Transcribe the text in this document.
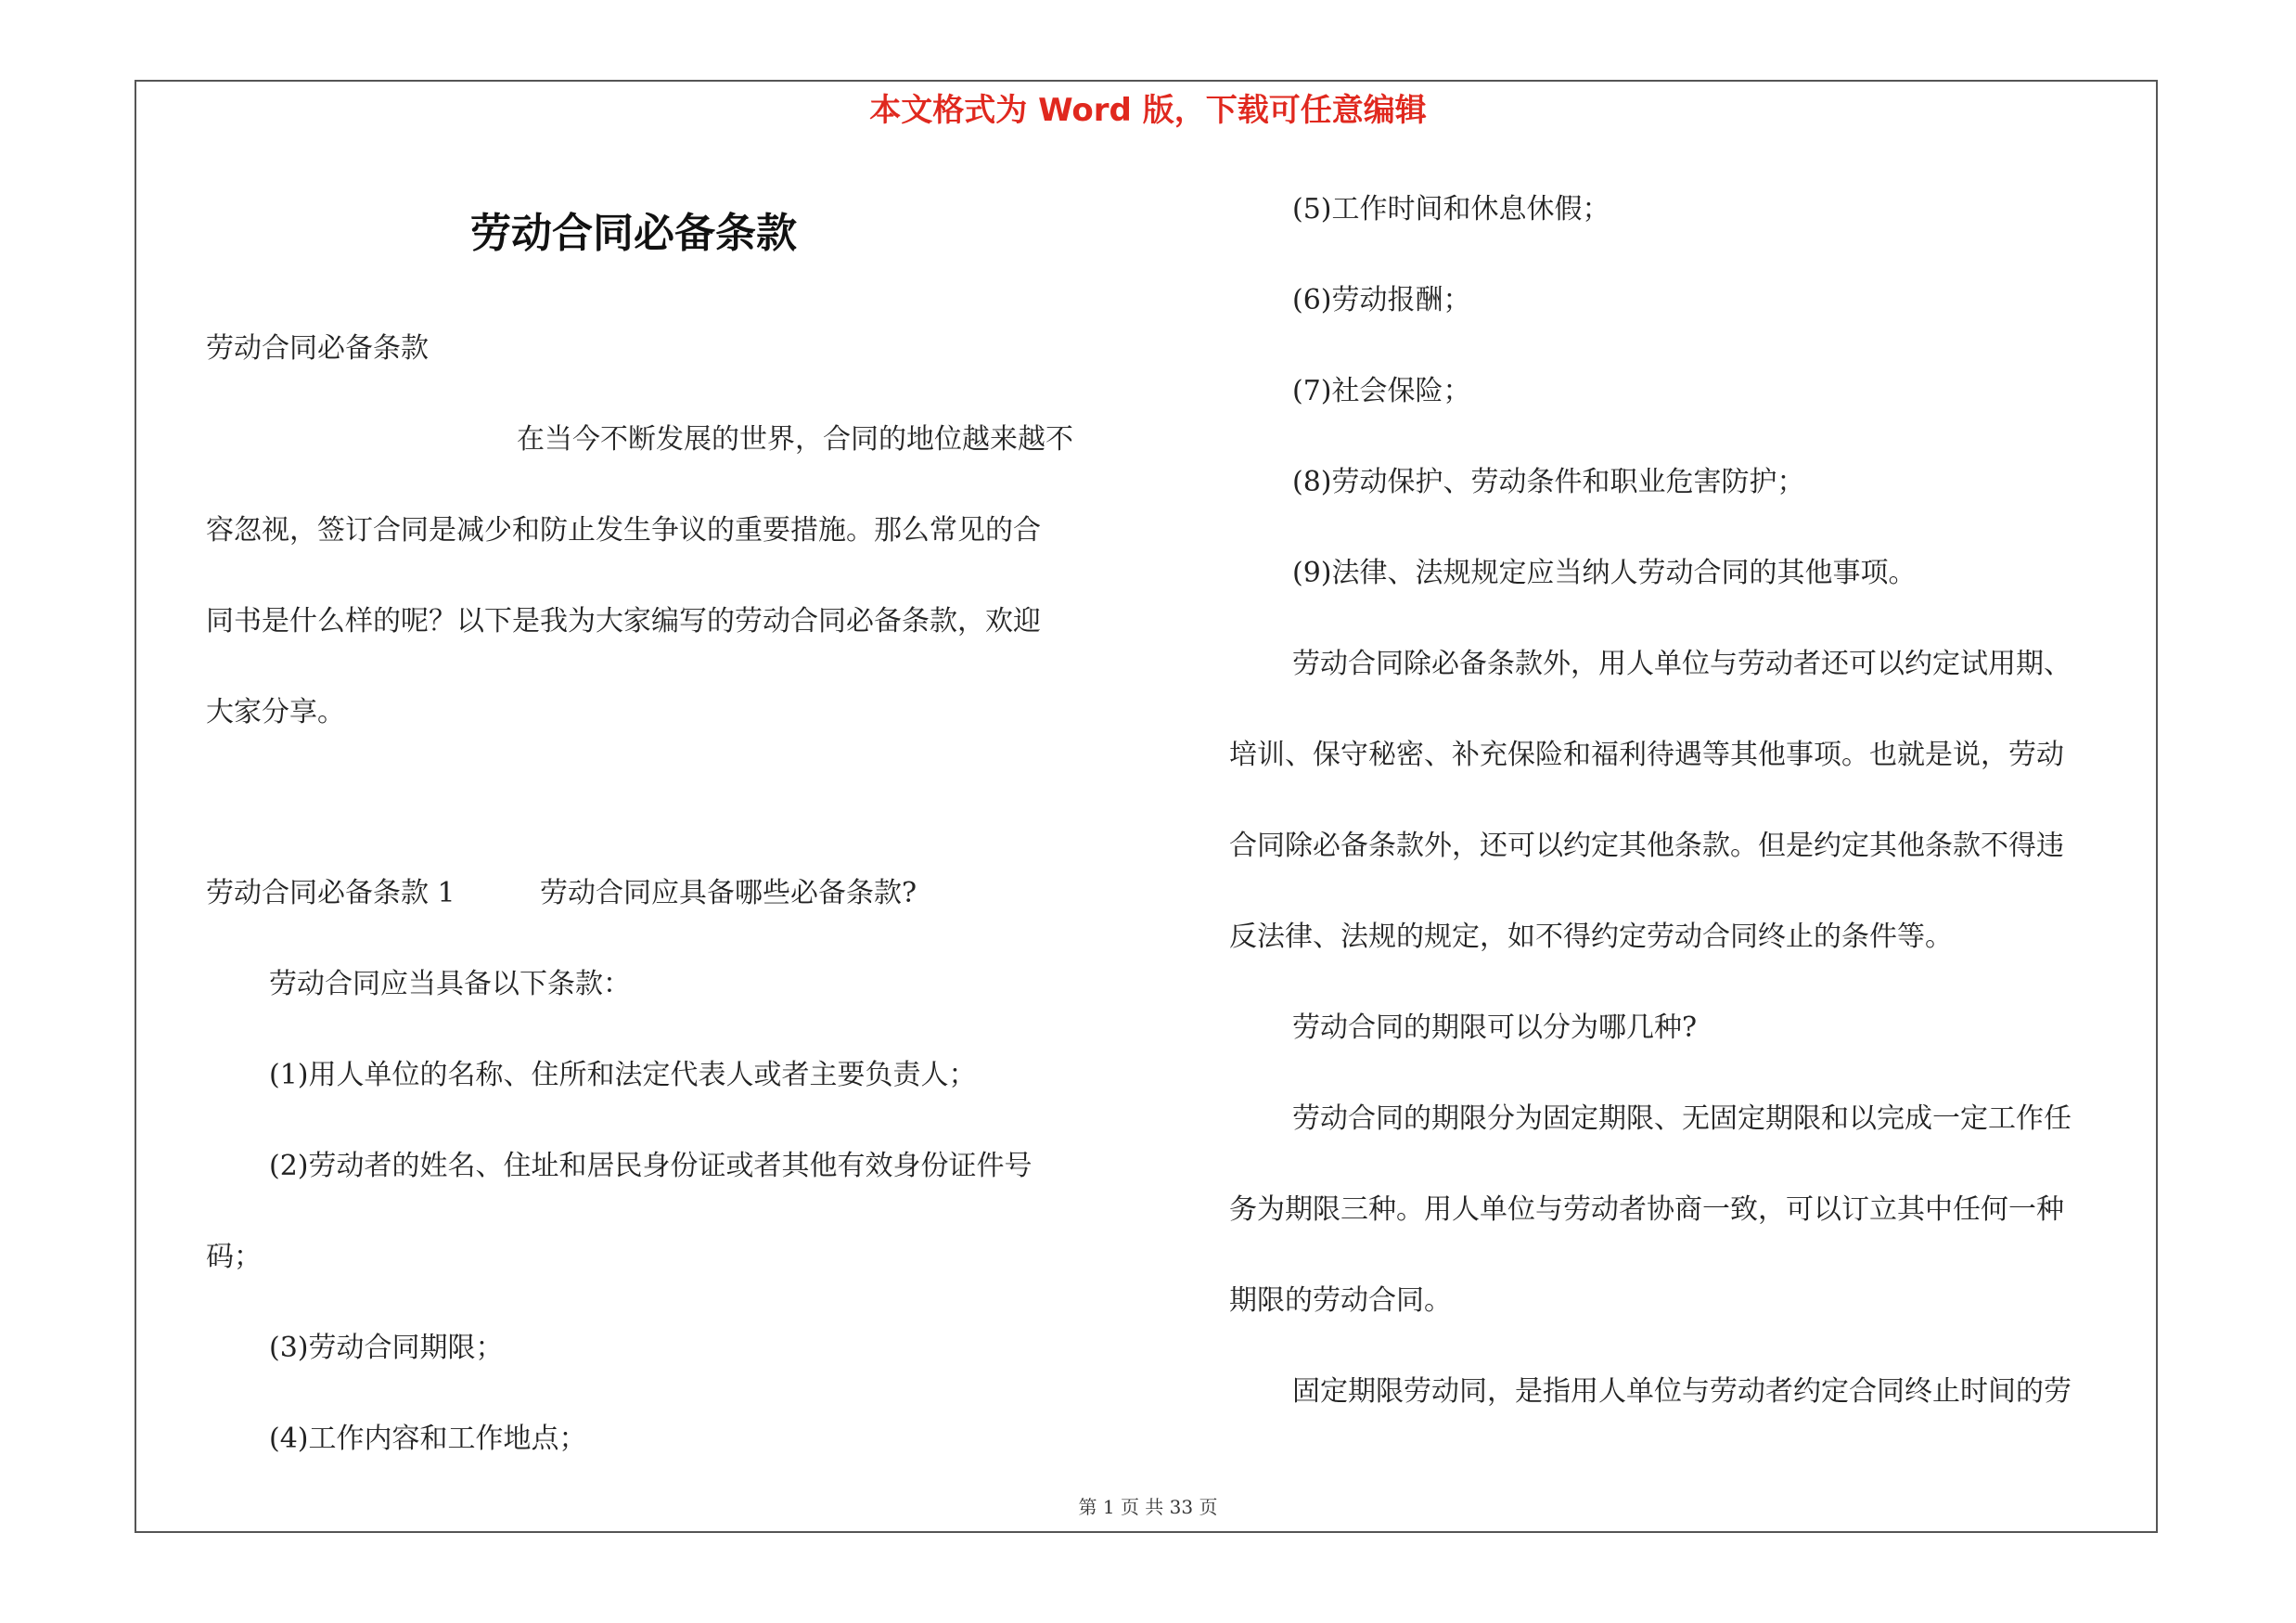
本文格式为 Word 版，下载可任意编辑

劳动合同必备条款

劳动合同必备条款

在当今不断发展的世界，合同的地位越来越不

容忽视，签订合同是减少和防止发生争议的重要措施。那么常见的合

同书是什么样的呢？以下是我为大家编写的劳动合同必备条款，欢迎

大家分享。

劳动合同必备条款 1	劳动合同应具备哪些必备条款?

劳动合同应当具备以下条款：

(1)用人单位的名称、住所和法定代表人或者主要负责人；

(2)劳动者的姓名、住址和居民身份证或者其他有效身份证件号

码；

(3)劳动合同期限；

(4)工作内容和工作地点；

(5)工作时间和休息休假；

(6)劳动报酬；

(7)社会保险；

(8)劳动保护、劳动条件和职业危害防护；

(9)法律、法规规定应当纳人劳动合同的其他事项。

劳动合同除必备条款外，用人单位与劳动者还可以约定试用期、

培训、保守秘密、补充保险和福利待遇等其他事项。也就是说，劳动

合同除必备条款外，还可以约定其他条款。但是约定其他条款不得违

反法律、法规的规定，如不得约定劳动合同终止的条件等。

劳动合同的期限可以分为哪几种?

劳动合同的期限分为固定期限、无固定期限和以完成一定工作任

务为期限三种。用人单位与劳动者协商一致，可以订立其中任何一种

期限的劳动合同。

固定期限劳动同，是指用人单位与劳动者约定合同终止时间的劳

第 1 页 共 33 页
